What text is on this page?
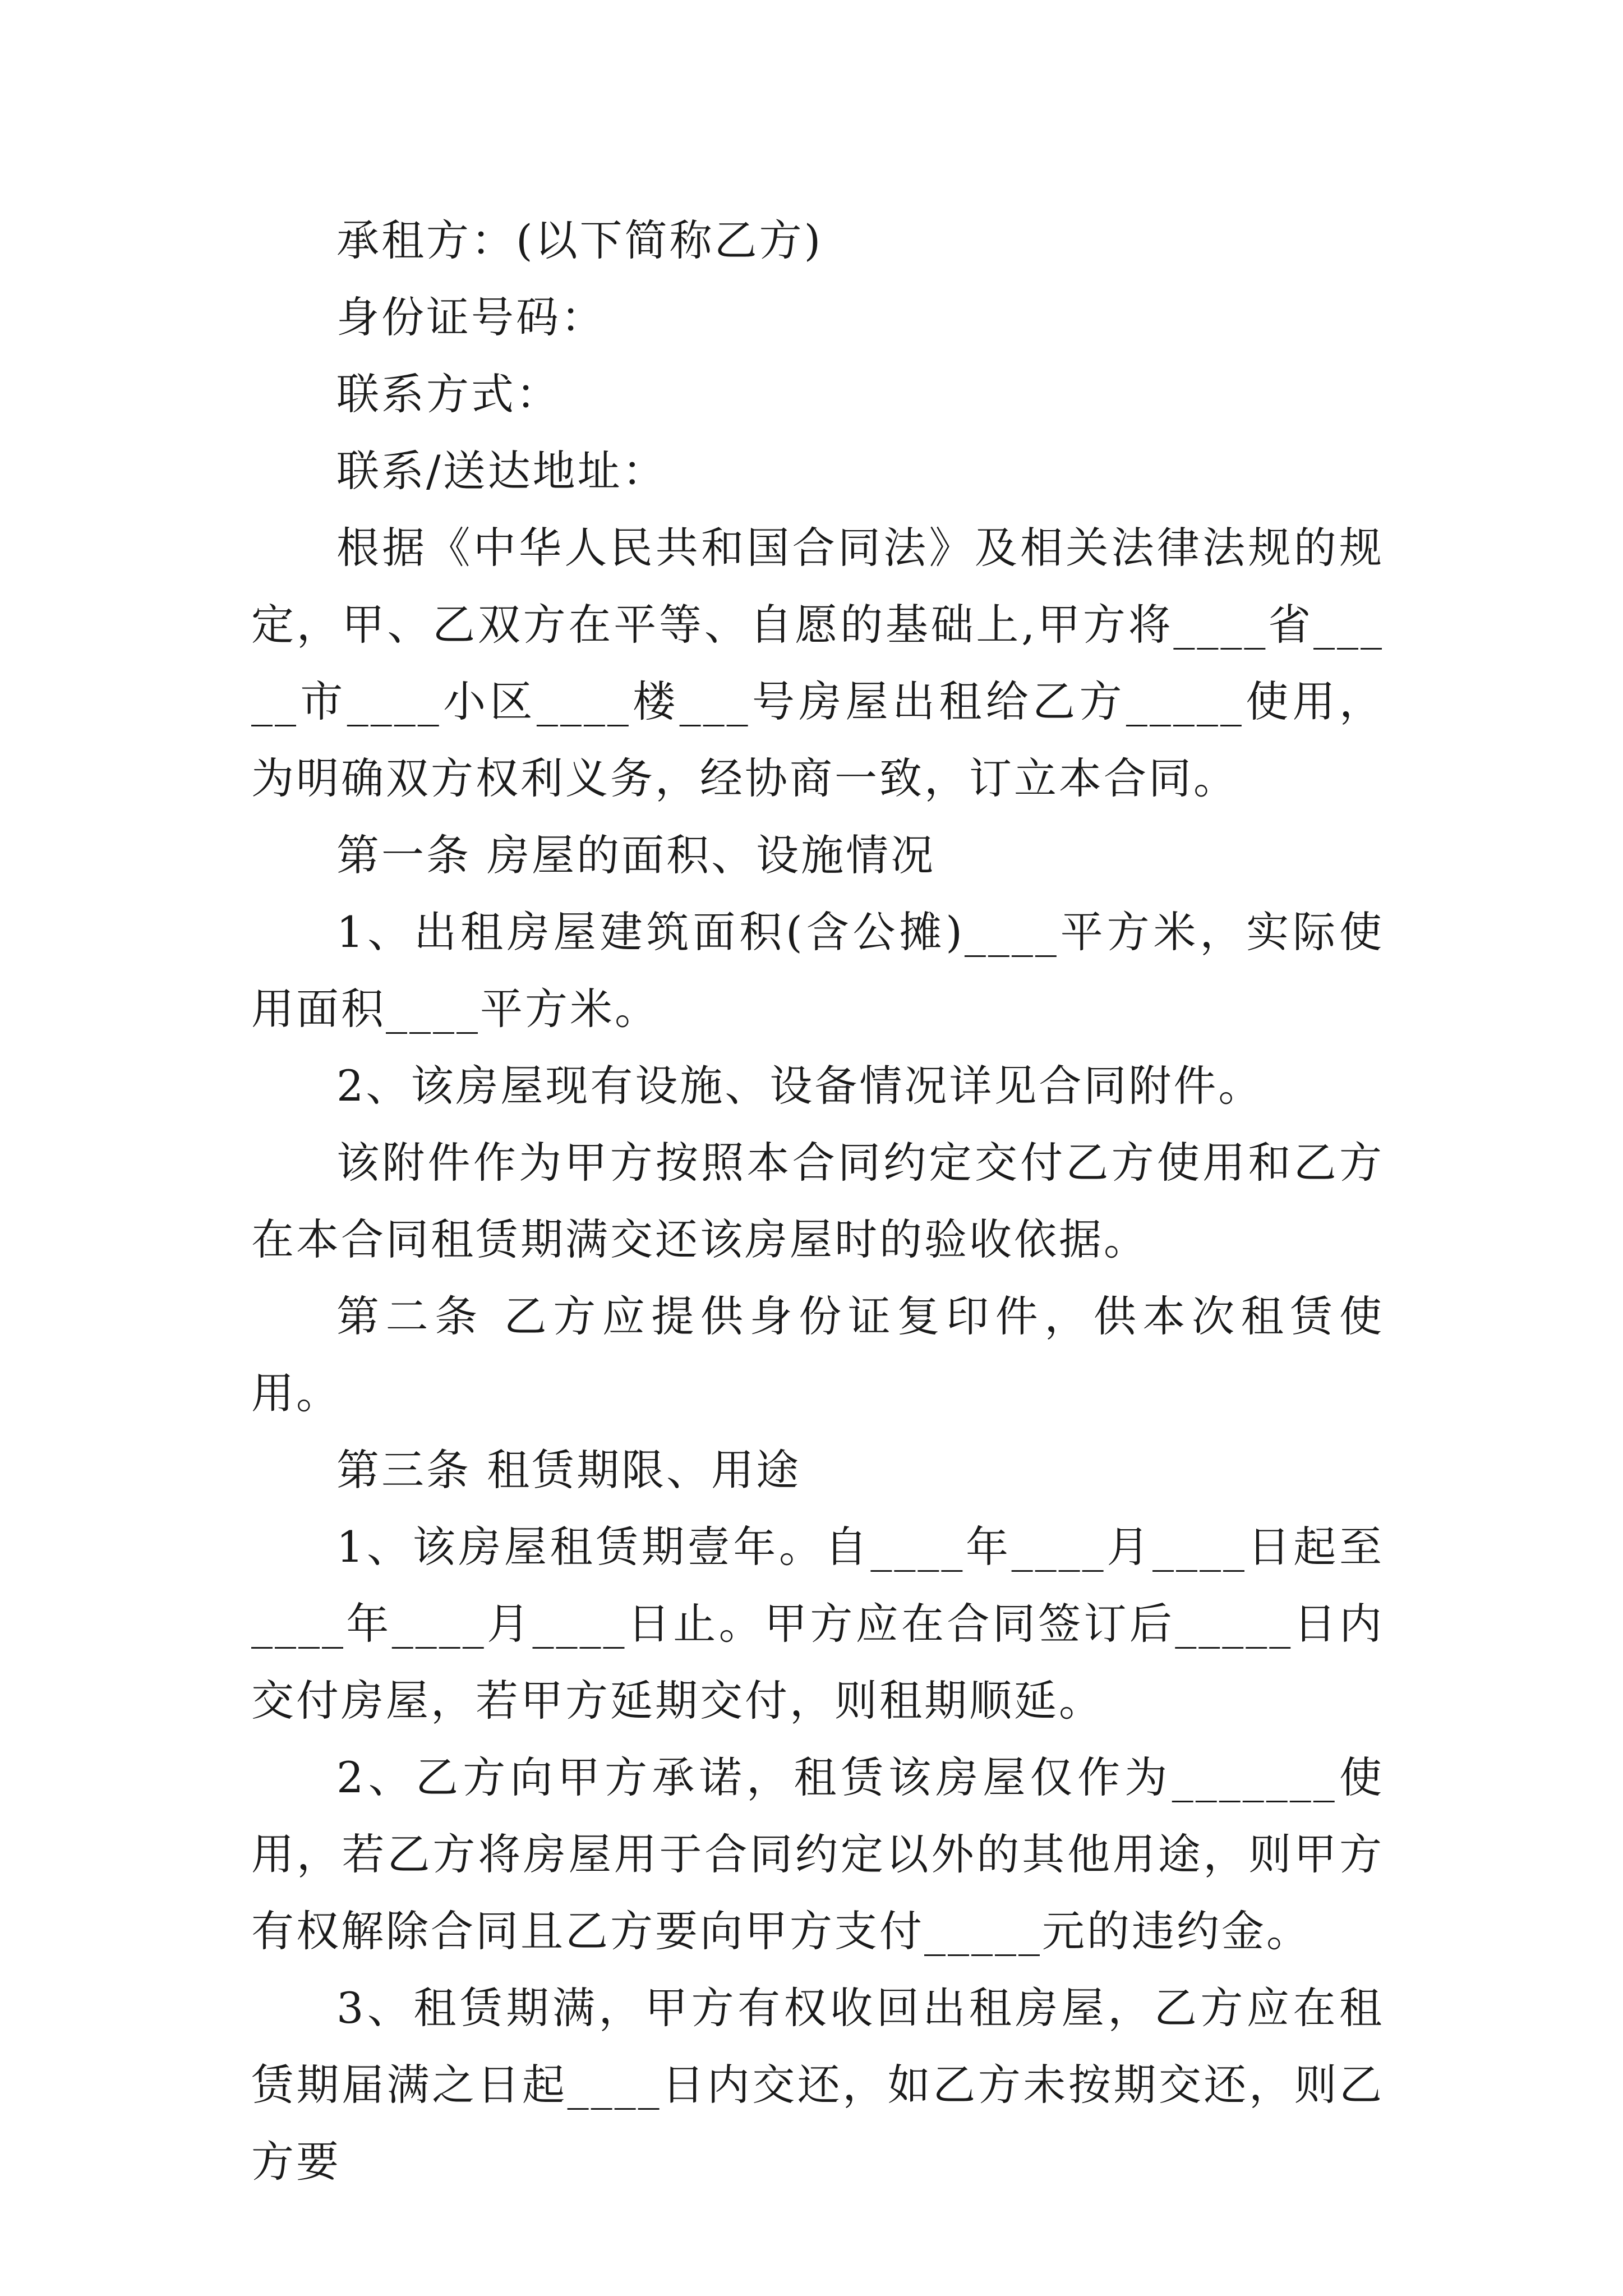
承租方：(以下简称乙方)

身份证号码：

联系方式：

联系/送达地址：

根据《中华人民共和国合同法》及相关法律法规的规定，甲、乙双方在平等、自愿的基础上,甲方将____省_____市____小区____楼___号房屋出租给乙方_____使用，为明确双方权利义务，经协商一致，订立本合同。

第一条 房屋的面积、设施情况

1、出租房屋建筑面积(含公摊)____平方米，实际使用面积____平方米。

2、该房屋现有设施、设备情况详见合同附件。

该附件作为甲方按照本合同约定交付乙方使用和乙方在本合同租赁期满交还该房屋时的验收依据。

第二条 乙方应提供身份证复印件，供本次租赁使用。

第三条 租赁期限、用途

1、该房屋租赁期壹年。自____年____月____日起至____年____月____日止。甲方应在合同签订后_____日内交付房屋，若甲方延期交付，则租期顺延。

2、乙方向甲方承诺，租赁该房屋仅作为_______使用，若乙方将房屋用于合同约定以外的其他用途，则甲方有权解除合同且乙方要向甲方支付_____元的违约金。

3、租赁期满，甲方有权收回出租房屋，乙方应在租赁期届满之日起____日内交还，如乙方未按期交还，则乙方要
